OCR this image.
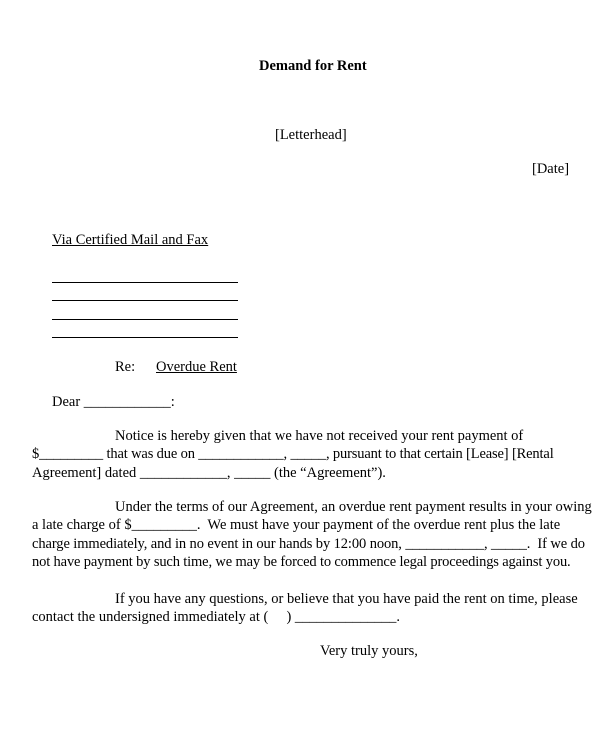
Demand for Rent
[Letterhead]
[Date]
Via Certified Mail and Fax
Re: Overdue Rent
Dear ____________:
Notice is hereby given that we have not received your rent payment of
$_________ that was due on ____________, _____, pursuant to that certain [Lease] [Rental
Agreement] dated ____________, _____ (the “Agreement”).
Under the terms of our Agreement, an overdue rent payment results in your owing
a late charge of $_________.  We must have your payment of the overdue rent plus the late
charge immediately, and in no event in our hands by 12:00 noon, ___________, _____.  If we do
not have payment by such time, we may be forced to commence legal proceedings against you.
If you have any questions, or believe that you have paid the rent on time, please
contact the undersigned immediately at (     ) ______________.
Very truly yours,
